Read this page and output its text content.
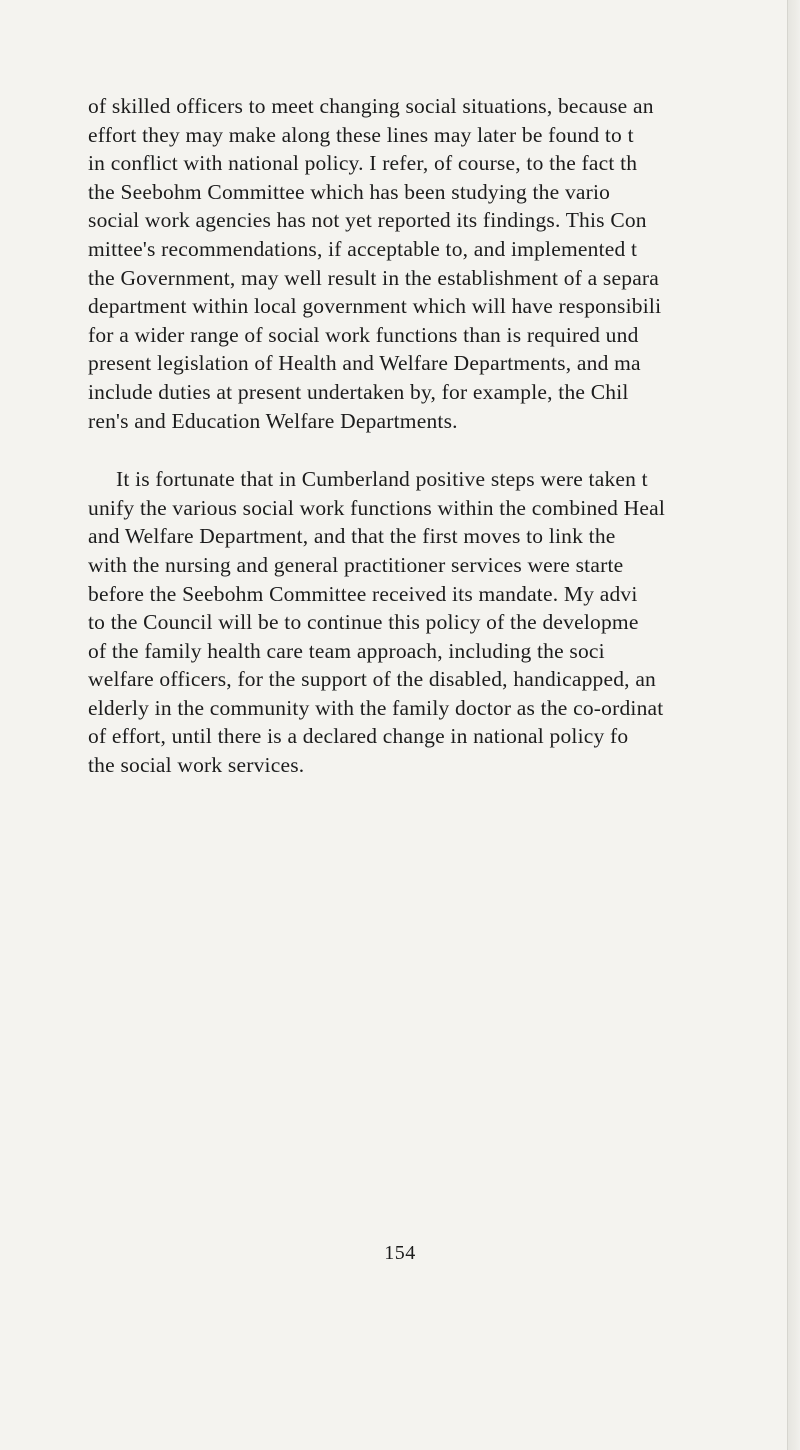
of skilled officers to meet changing social situations, because an
effort they may make along these lines may later be found to t
in conflict with national policy. I refer, of course, to the fact th
the Seebohm Committee which has been studying the vario
social work agencies has not yet reported its findings. This Con
mittee's recommendations, if acceptable to, and implemented t
the Government, may well result in the establishment of a separa
department within local government which will have responsibili
for a wider range of social work functions than is required und
present legislation of Health and Welfare Departments, and ma
include duties at present undertaken by, for example, the Chil
ren's and Education Welfare Departments.
It is fortunate that in Cumberland positive steps were taken t
unify the various social work functions within the combined Heal
and Welfare Department, and that the first moves to link the
with the nursing and general practitioner services were starte
before the Seebohm Committee received its mandate. My advi
to the Council will be to continue this policy of the developme
of the family health care team approach, including the soci
welfare officers, for the support of the disabled, handicapped, an
elderly in the community with the family doctor as the co-ordinat
of effort, until there is a declared change in national policy fo
the social work services.
154
